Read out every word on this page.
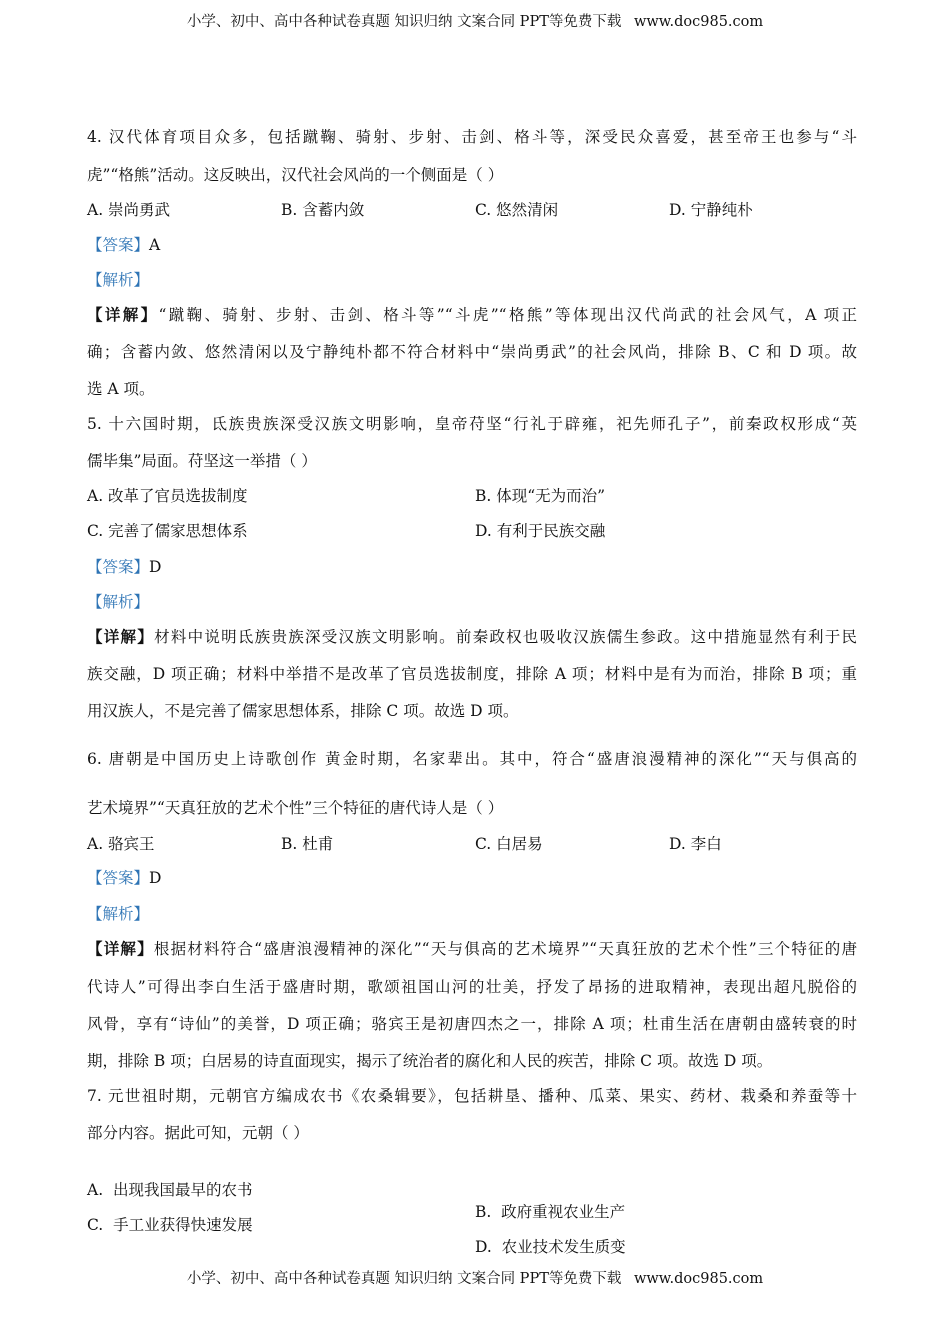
小学、初中、高中各种试卷真题 知识归纳 文案合同 PPT等免费下载 www.doc985.com
4. 汉代体育项目众多，包括蹴鞠、骑射、步射、击剑、格斗等，深受民众喜爱，甚至帝王也参与“斗
虎”“格熊”活动。这反映出，汉代社会风尚的一个侧面是（ ）
A. 崇尚勇武	B. 含蓄内敛	C. 悠然清闲	D. 宁静纯朴
【答案】A
【解析】
【详解】“蹴鞠、骑射、步射、击剑、格斗等”“斗虎”“格熊”等体现出汉代尚武的社会风气，A 项正
确；含蓄内敛、悠然清闲以及宁静纯朴都不符合材料中“崇尚勇武”的社会风尚，排除 B、C 和 D 项。故
选 A 项。
5. 十六国时期，氐族贵族深受汉族文明影响，皇帝苻坚“行礼于辟雍，祀先师孔子”，前秦政权形成“英
儒毕集”局面。苻坚这一举措（ ）
A. 改革了官员选拔制度	B. 体现“无为而治”
C. 完善了儒家思想体系	D. 有利于民族交融
【答案】D
【解析】
【详解】材料中说明氐族贵族深受汉族文明影响。前秦政权也吸收汉族儒生参政。这中措施显然有利于民
族交融，D 项正确；材料中举措不是改革了官员选拔制度，排除 A 项；材料中是有为而治，排除 B 项；重
用汉族人，不是完善了儒家思想体系，排除 C 项。故选 D 项。
6. 唐朝是中国历史上诗歌创作 黄金时期，名家辈出。其中，符合“盛唐浪漫精神的深化”“天与俱高的
艺术境界”“天真狂放的艺术个性”三个特征的唐代诗人是（ ）
A. 骆宾王	B. 杜甫	C. 白居易	D. 李白
【答案】D
【解析】
【详解】根据材料符合“盛唐浪漫精神的深化”“天与俱高的艺术境界”“天真狂放的艺术个性”三个特征的唐
代诗人”可得出李白生活于盛唐时期，歌颂祖国山河的壮美，抒发了昂扬的进取精神，表现出超凡脱俗的
风骨，享有“诗仙”的美誉，D 项正确；骆宾王是初唐四杰之一，排除 A 项；杜甫生活在唐朝由盛转衰的时
期，排除 B 项；白居易的诗直面现实，揭示了统治者的腐化和人民的疾苦，排除 C 项。故选 D 项。
7. 元世祖时期，元朝官方编成农书《农桑辑要》，包括耕垦、播种、瓜菜、果实、药材、栽桑和养蚕等十
部分内容。据此可知，元朝（ ）

A.  出现我国最早的农书

B.  政府重视农业生产

C.  手工业获得快速发展

D.  农业技术发生质变

小学、初中、高中各种试卷真题 知识归纳 文案合同 PPT等免费下载 www.doc985.com
